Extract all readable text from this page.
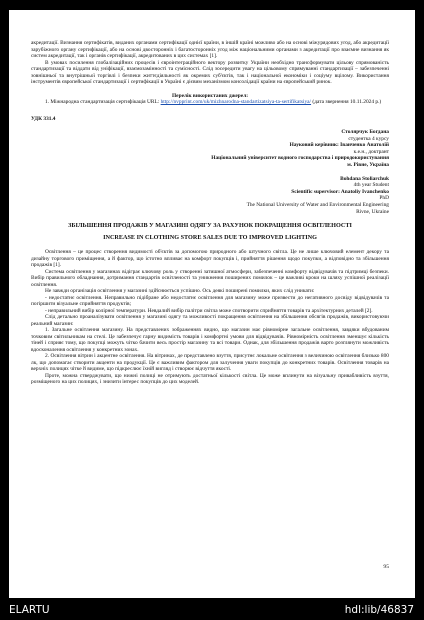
акредитації. Визнання сертифікатів, виданих органами сертифікації однієї країни, в іншій країні можливо або на основі міжурядових угод, або акредитації зарубіжного органу сертифікації, або на основі двосторонніх і багатосторонніх угод між національними органами з акредитації про взаємне визнання як систем акредитації, так і органів сертифікації, акредитованих в цих системах [1].

В умовах посилення глобалізаційних процесів і євроінтеграційного вектору розвитку України необхідно трансформувати цільову спрямованість стандартизації та віддати від уніфікації, взаємозамінності та сумісності. Слід зосередити увагу на цільовому спрямуванні стандартизації – забезпеченні зовнішньої та внутрішньої торгівлі і безпеки життєдіяльності як окремих суб'єктів, так і національної економіки і соціуму вцілому. Використання інструментів європейської стандартизації і сертифікації в Україні є дієвим механізмом консолідації країни на європейський ринок.

Перелік використаних джерел:

1. Міжнародна стандартизація сертифікація URL: http://nvpprint.com/uk/mizhnarodna-standartizatsiya-ta-sertifikatsiya/ (дата звернення 10.11.2024 р.)

УДК 331.4

Столярчук Богдана

студентка 4 курсу

Науковий керівник: Іванченко Анатолій

к.е.н., доктрант

Національний університет водного господарства і природокористування

м. Рівне, Україна

Bohdana Stoliarchuk

4th year Student

Scientific supervisor: Anatoliy Ivanchenko

PhD

The National University of Water and Environmental Engineering

Rivne, Ukraine

ЗБІЛЬШЕННЯ ПРОДАЖІВ У МАГАЗИНІ ОДЯГУ ЗА РАХУНОК ПОКРАЩЕННЯ ОСВІТЛЕНОСТІ

INCREASE IN CLOTHING STORE SALES DUE TO IMPROVED LIGHTING

Освітлення – це процес створення видимості об'єктів за допомогою природного або штучного світла. Це не лише ключовий елемент декору та дизайну торгового приміщення, а й фактор, що істотно впливає на комфорт покупців і, прийняття рішення щодо покупки, а відповідно та збільшення продажів [1].

Система освітлення у магазинах відіграє ключову роль у створенні затишної атмосфери, забезпеченні комфорту відвідувачів та підтримці безпеки. Вибір правильного обладнання, дотримання стандартів освітленості та уникнення поширених помилок – це важливі кроки на шляху успішної реалізації освітлення.

Не завжди організація освітлення у магазині здійснюється успішно. Ось деякі поширені помилки, яких слід уникати:

- недостатнє освітлення. Неправильно підібране або недостатнє освітлення для магазину може призвести до негативного досвіду відвідувачів та погіршити візуальне сприйняття продуктів;

- неправильний вибір колірної температури. Невдалий вибір палітри світла може спотворити сприйняття товарів та архітектурних деталей [2].

Слід детально проаналізувати освітлення у магазині одягу та можливості покращення освітлення на збільшення обсягів продажів, використовуючи реальний магазин:

1. Загальне освітлення магазину. На представлених зображеннях видно, що магазин має рівномірне загальне освітлення, завдяки вбудованим точковим світильникам на стелі. Це забезпечує гарну видимість товарів і комфортні умови для відвідувачів. Рівномірність освітлення зменшує кількість тіней і сприяє тому, що покупці можуть чітко бачити весь простір магазину та всі товари. Однак, для збільшення продажів варто розглянути можливість вдосконалення освітлення у конкретних зонах.

2. Освітлення вітрин і акцентне освітлення. На вітринах, де представлено взуття, присутнє локальне освітлення з величиною освітлення близько 800 лк, що допомагає створити акценти на продукції. Це є важливим фактором для залучення уваги покупців до конкретних товарів. Освітлення товарів на верхніх полицях чітке й видиме, що підкреслює їхній вигляд і створює відчуття якості.

Проте, можна стверджувати, що нижні полиці не отримують достатньої кількості світла. Це може вплинути на візуальну привабливість взуття, розміщеного на цих полицях, і знизити інтерес покупців до цих моделей.

95
ELARTU	hdl:lib/46837
